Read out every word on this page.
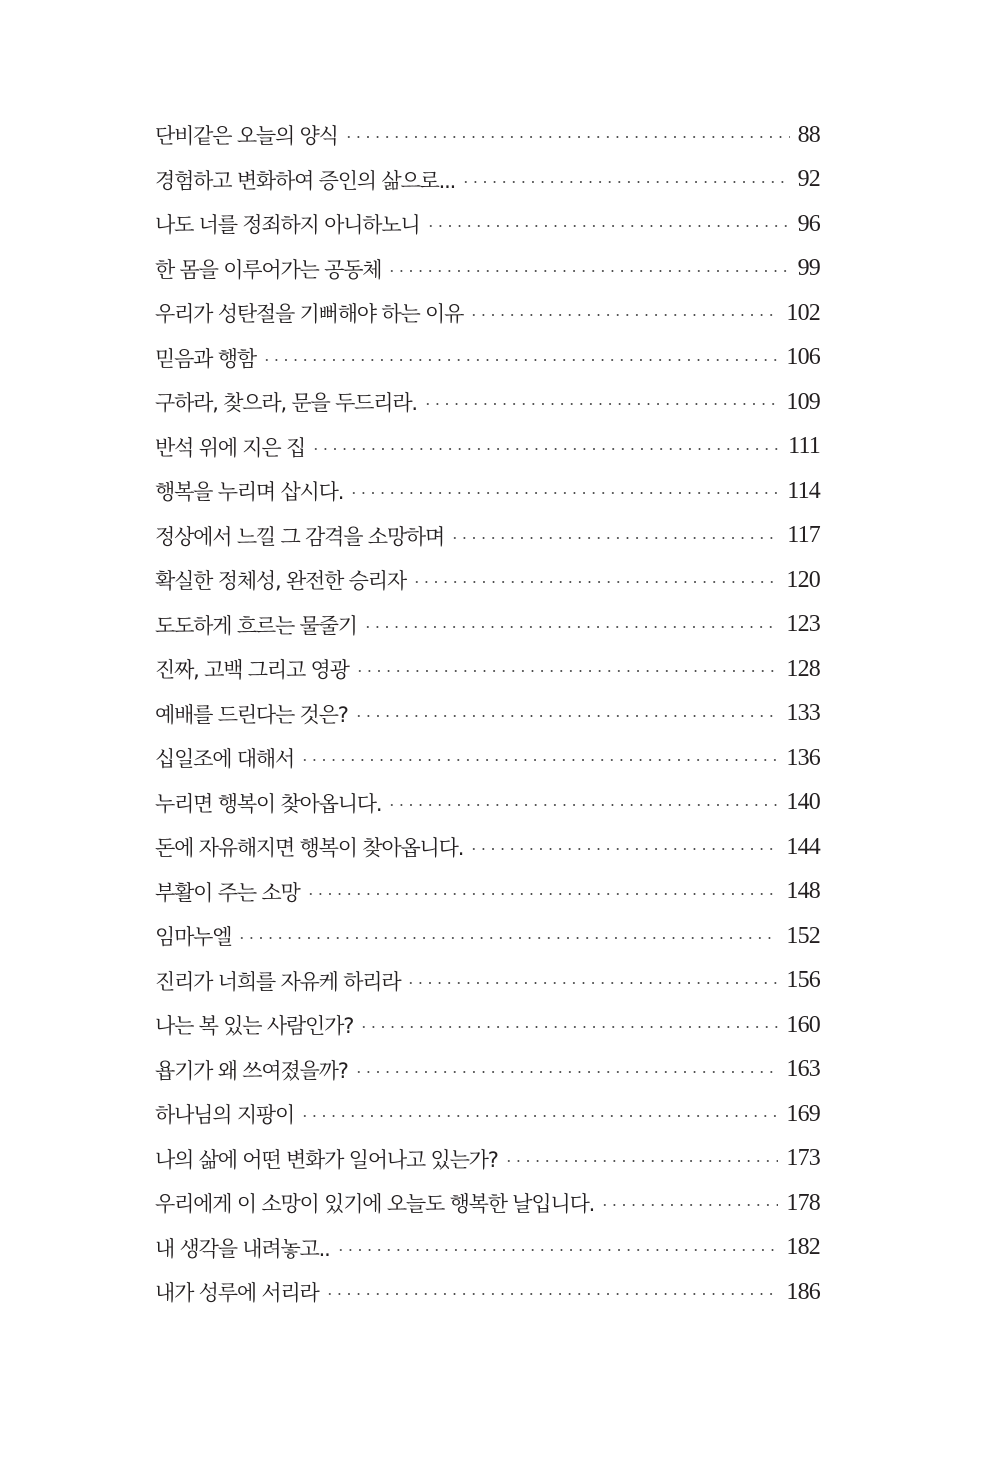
단비같은 오늘의 양식	88
경험하고 변화하여 증인의 삶으로...	92
나도 너를 정죄하지 아니하노니	96
한 몸을 이루어가는 공동체	99
우리가 성탄절을 기뻐해야 하는 이유	102
믿음과 행함	106
구하라, 찾으라, 문을 두드리라.	109
반석 위에 지은 집	111
행복을 누리며 삽시다.	114
정상에서 느낄 그 감격을 소망하며	117
확실한 정체성, 완전한 승리자	120
도도하게 흐르는 물줄기	123
진짜, 고백 그리고 영광	128
예배를 드린다는 것은?	133
십일조에 대해서	136
누리면 행복이 찾아옵니다.	140
돈에 자유해지면 행복이 찾아옵니다.	144
부활이 주는 소망	148
임마누엘	152
진리가 너희를 자유케 하리라	156
나는 복 있는 사람인가?	160
욥기가 왜 쓰여졌을까?	163
하나님의 지팡이	169
나의 삶에 어떤 변화가 일어나고 있는가?	173
우리에게 이 소망이 있기에 오늘도 행복한 날입니다.	178
내 생각을 내려놓고..	182
내가 성루에 서리라	186
